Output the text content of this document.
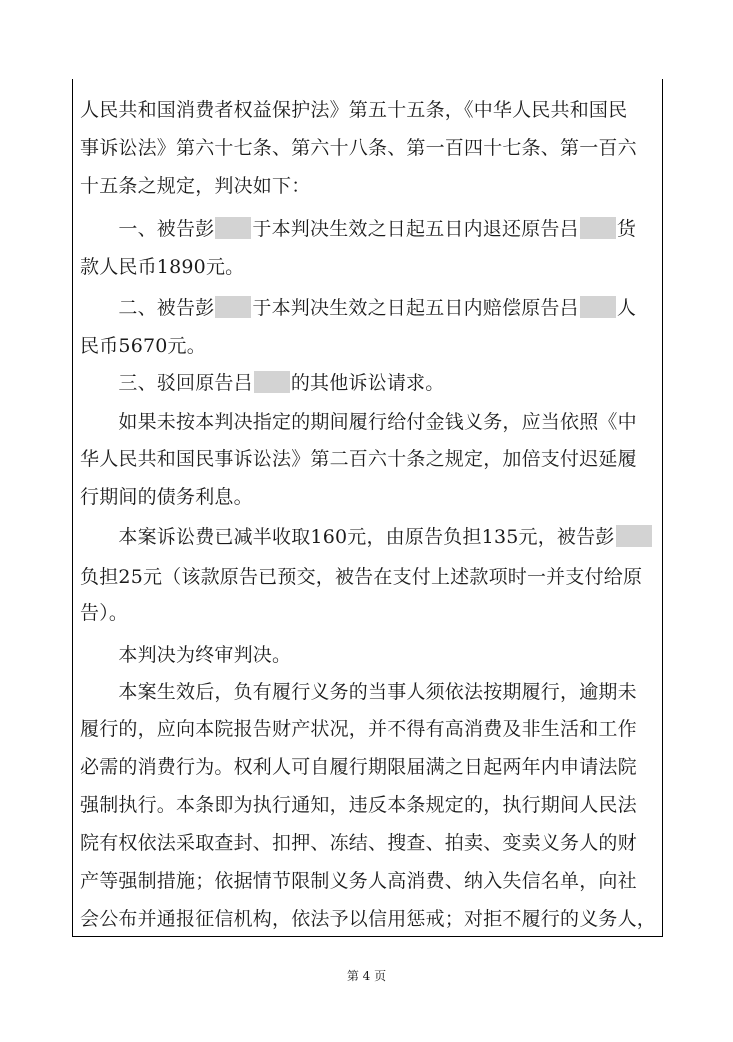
人民共和国消费者权益保护法》第五十五条，《中华人民共和国民
事诉讼法》第六十七条、第六十八条、第一百四十七条、第一百六
十五条之规定，判决如下：
　　一、被告彭 于本判决生效之日起五日内退还原告吕 货
款人民币1890元。
　　二、被告彭 于本判决生效之日起五日内赔偿原告吕 人
民币5670元。
　　三、驳回原告吕 的其他诉讼请求。
　　如果未按本判决指定的期间履行给付金钱义务，应当依照《中
华人民共和国民事诉讼法》第二百六十条之规定，加倍支付迟延履
行期间的债务利息。
　　本案诉讼费已减半收取160元，由原告负担135元，被告彭
负担25元（该款原告已预交，被告在支付上述款项时一并支付给原
告）。
　　本判决为终审判决。
　　本案生效后，负有履行义务的当事人须依法按期履行，逾期未
履行的，应向本院报告财产状况，并不得有高消费及非生活和工作
必需的消费行为。权利人可自履行期限届满之日起两年内申请法院
强制执行。本条即为执行通知，违反本条规定的，执行期间人民法
院有权依法采取查封、扣押、冻结、搜查、拍卖、变卖义务人的财
产等强制措施；依据情节限制义务人高消费、纳入失信名单，向社
会公布并通报征信机构，依法予以信用惩戒；对拒不履行的义务人，
第 4 页
